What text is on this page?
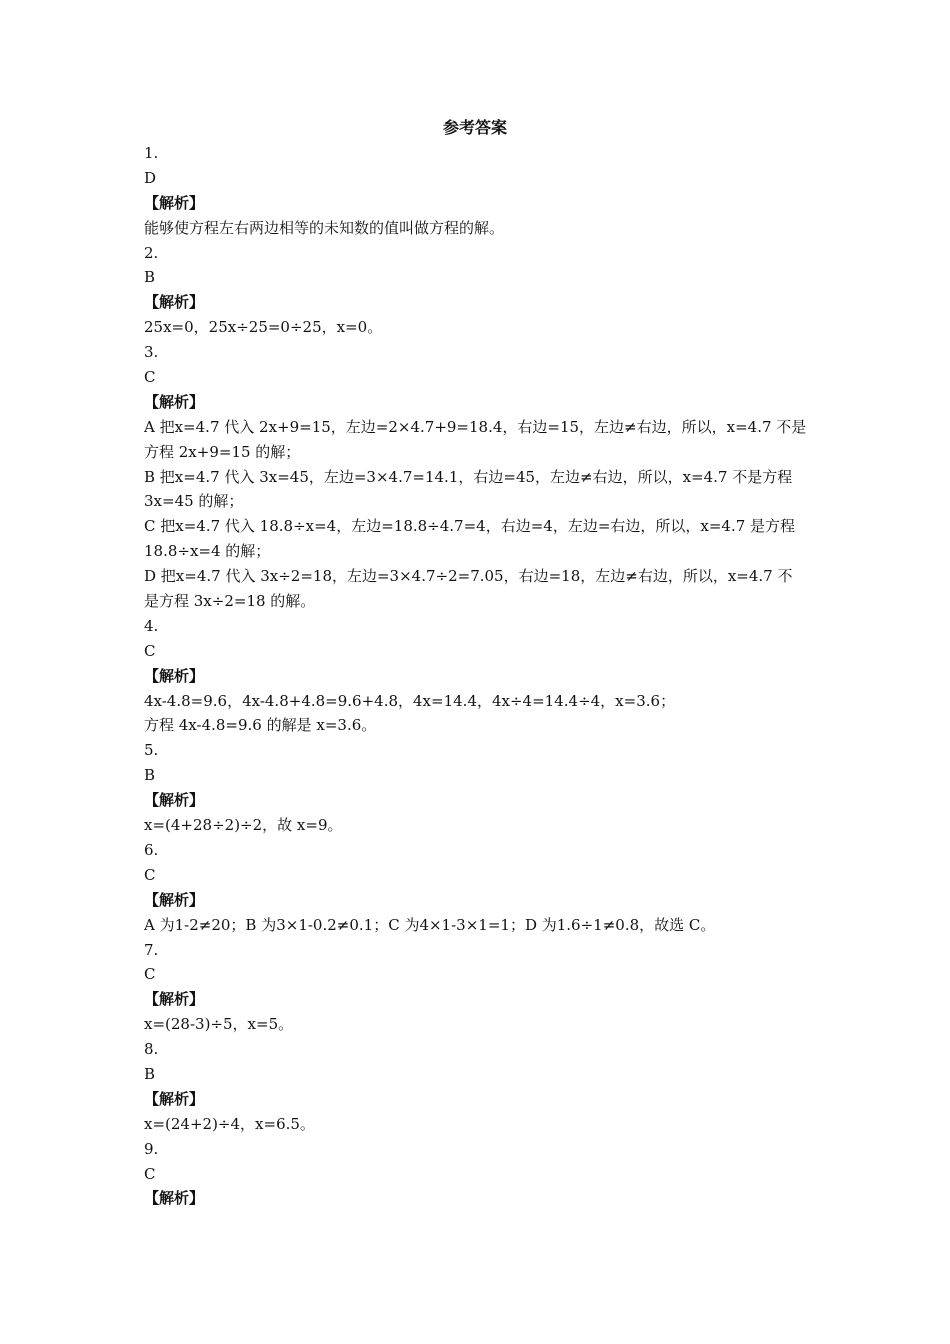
参考答案
1.
D
【解析】
能够使方程左右两边相等的未知数的值叫做方程的解。
2.
B
【解析】
25x=0，25x÷25=0÷25，x=0。
3.
C
【解析】
A 把x=4.7 代入 2x+9=15，左边=2×4.7+9=18.4，右边=15，左边≠右边，所以，x=4.7 不是
方程 2x+9=15 的解；
B 把x=4.7 代入 3x=45，左边=3×4.7=14.1，右边=45，左边≠右边，所以，x=4.7 不是方程
3x=45 的解；
C 把x=4.7 代入 18.8÷x=4，左边=18.8÷4.7=4，右边=4，左边=右边，所以，x=4.7 是方程
18.8÷x=4 的解；
D 把x=4.7 代入 3x÷2=18，左边=3×4.7÷2=7.05，右边=18，左边≠右边，所以，x=4.7 不
是方程 3x÷2=18 的解。
4.
C
【解析】
4x-4.8=9.6，4x-4.8+4.8=9.6+4.8，4x=14.4，4x÷4=14.4÷4，x=3.6；
方程 4x-4.8=9.6 的解是 x=3.6。
5.
B
【解析】
x=(4+28÷2)÷2，故 x=9。
6.
C
【解析】
A 为1-2≠20；B 为3×1-0.2≠0.1；C 为4×1-3×1=1；D 为1.6÷1≠0.8，故选 C。
7.
C
【解析】
x=(28-3)÷5，x=5。
8.
B
【解析】
x=(24+2)÷4，x=6.5。
9.
C
【解析】
